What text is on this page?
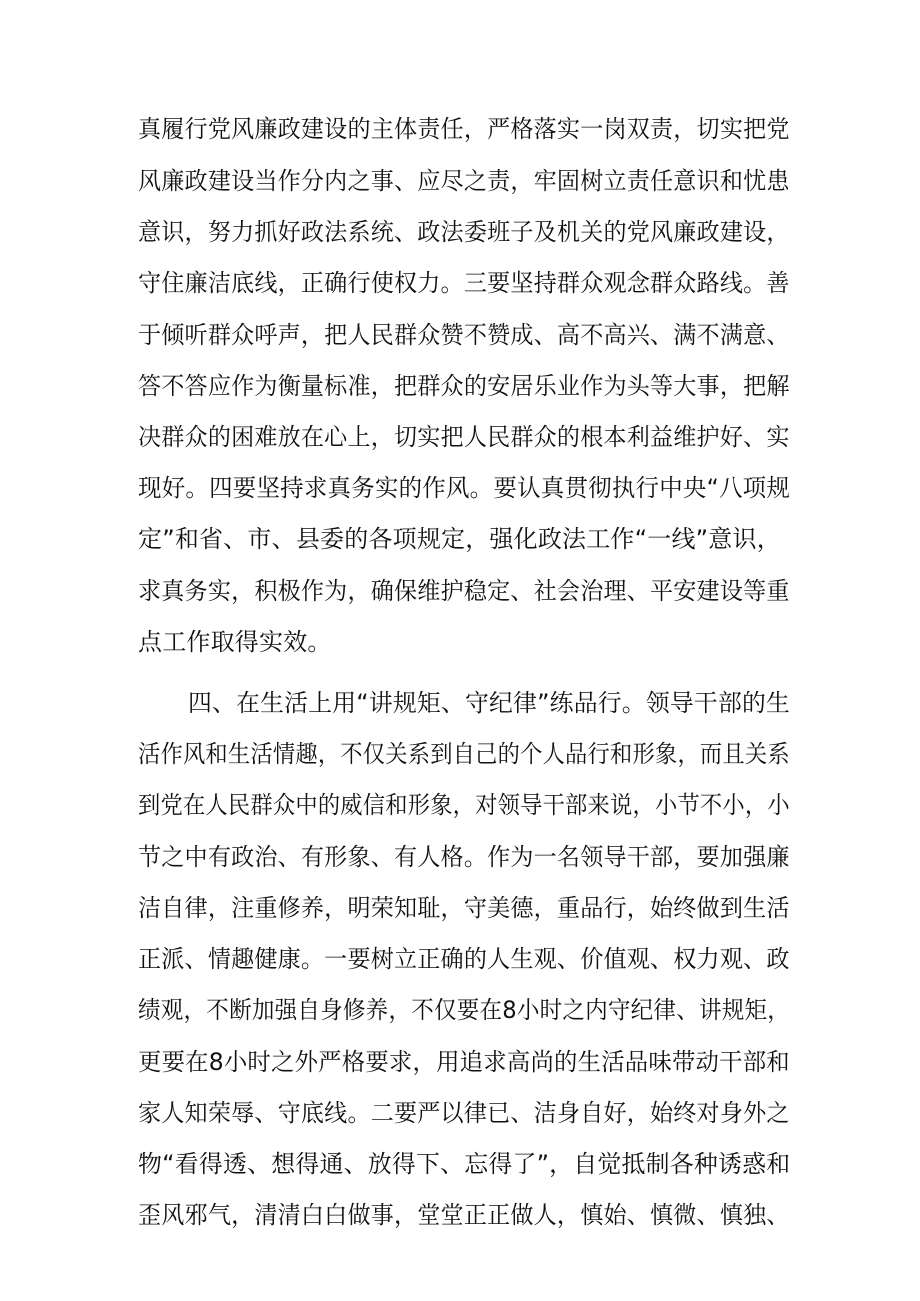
真履行党风廉政建设的主体责任，严格落实一岗双责，切实把党
风廉政建设当作分内之事、应尽之责，牢固树立责任意识和忧患
意识，努力抓好政法系统、政法委班子及机关的党风廉政建设，
守住廉洁底线，正确行使权力。三要坚持群众观念群众路线。善
于倾听群众呼声，把人民群众赞不赞成、高不高兴、满不满意、
答不答应作为衡量标准，把群众的安居乐业作为头等大事，把解
决群众的困难放在心上，切实把人民群众的根本利益维护好、实
现好。四要坚持求真务实的作风。要认真贯彻执行中央“八项规
定”和省、市、县委的各项规定，强化政法工作“一线”意识，
求真务实，积极作为，确保维护稳定、社会治理、平安建设等重
点工作取得实效。
四、在生活上用“讲规矩、守纪律”练品行。领导干部的生
活作风和生活情趣，不仅关系到自己的个人品行和形象，而且关系
到党在人民群众中的威信和形象，对领导干部来说，小节不小，小
节之中有政治、有形象、有人格。作为一名领导干部，要加强廉
洁自律，注重修养，明荣知耻，守美德，重品行，始终做到生活
正派、情趣健康。一要树立正确的人生观、价值观、权力观、政
绩观，不断加强自身修养，不仅要在8小时之内守纪律、讲规矩，
更要在8小时之外严格要求，用追求高尚的生活品味带动干部和
家人知荣辱、守底线。二要严以律已、洁身自好，始终对身外之
物“看得透、想得通、放得下、忘得了”，自觉抵制各种诱惑和
歪风邪气，清清白白做事，堂堂正正做人，慎始、慎微、慎独、
